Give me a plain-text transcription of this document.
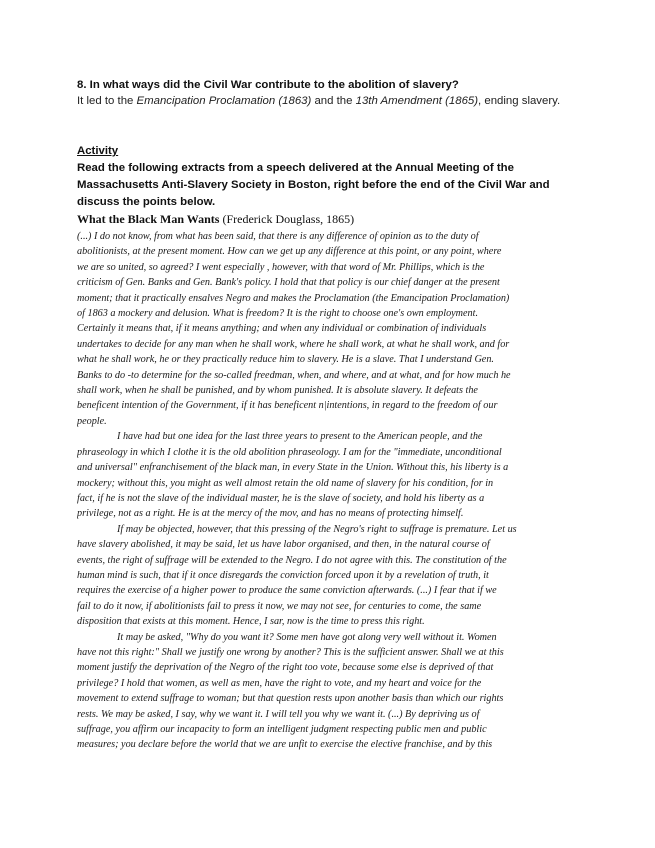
8. In what ways did the Civil War contribute to the abolition of slavery?
It led to the Emancipation Proclamation (1863) and the 13th Amendment (1865), ending slavery.
Activity
Read the following extracts from a speech delivered at the Annual Meeting of the
Massachusetts Anti-Slavery Society in Boston, right before the end of the Civil War and
discuss the points below.
What the Black Man Wants (Frederick Douglass, 1865)
(...) I do not know, from what has been said, that there is any difference of opinion as to the duty of
abolitionists, at the present moment. How can we get up any difference at this point, or any point, where
we are so united, so agreed? I went especially , however, with that word of Mr. Phillips, which is the
criticism of Gen. Banks and Gen. Bank's policy. I hold that that policy is our chief danger at the present
moment; that it practically ensalves Negro and makes the Proclamation (the Emancipation Proclamation)
of 1863 a mockery and delusion. What is freedom? It is the right to choose one's own employment.
Certainly it means that, if it means anything; and when any individual or combination of individuals
undertakes to decide for any man when he shall work, where he shall work, at what he shall work, and for
what he shall work, he or they practically reduce him to slavery. He is a slave. That I understand Gen.
Banks to do -to determine for the so-called freedman, when, and where, and at what, and for how much he
shall work, when he shall be punished, and by whom punished. It is absolute slavery. It defeats the
beneficent intention of the Government, if it has beneficent n|intentions, in regard to the freedom of our
people.
I have had but one idea for the last three years to present to the American people, and the
phraseology in which I clothe it is the old abolition phraseology. I am for the "immediate, unconditional
and universal" enfranchisement of the black man, in every State in the Union. Without this, his liberty is a
mockery; without this, you might as well almost retain the old name of slavery for his condition, for in
fact, if he is not the slave of the individual master, he is the slave of society, and hold his liberty as a
privilege, not as a right. He is at the mercy of the mov, and has no means of protecting himself.
If may be objected, however, that this pressing of the Negro's right to suffrage is premature. Let us
have slavery abolished, it may be said, let us have labor organised, and then, in the natural course of
events, the right of suffrage will be extended to the Negro. I do not agree with this. The constitution of the
human mind is such, that if it once disregards the conviction forced upon it by a revelation of truth, it
requires the exercise of a higher power to produce the same conviction afterwards. (...) I fear that if we
fail to do it now, if abolitionists fail to press it now, we may not see, for centuries to come, the same
disposition that exists at this moment. Hence, I sar, now is the time to press this right.
It may be asked, "Why do you want it? Some men have got along very well without it. Women
have not this right:" Shall we justify one wrong by another? This is the sufficient answer. Shall we at this
moment justify the deprivation of the Negro of the right too vote, because some else is deprived of that
privilege? I hold that women, as well as men, have the right to vote, and my heart and voice for the
movement to extend suffrage to woman; but that question rests upon another basis than which our rights
rests. We may be asked, I say, why we want it. I will tell you why we want it. (...) By depriving us of
suffrage, you affirm our incapacity to form an intelligent judgment respecting public men and public
measures; you declare before the world that we are unfit to exercise the elective franchise, and by this
